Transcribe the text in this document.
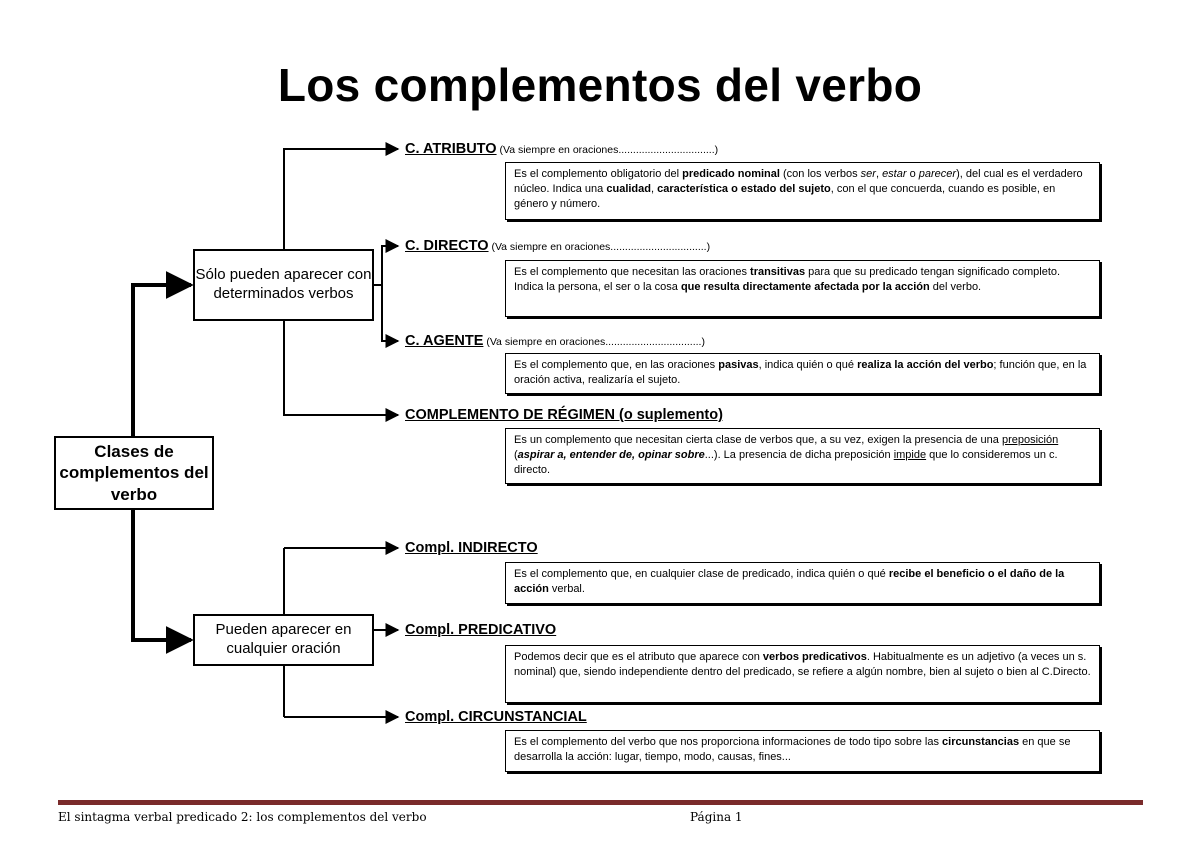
Los complementos del verbo
Clases de complementos del verbo
Sólo pueden aparecer con determinados verbos
Pueden aparecer en cualquier oración
C. ATRIBUTO (Va siempre en oraciones.................................)
C. DIRECTO (Va siempre en oraciones.................................)
C. AGENTE (Va siempre en oraciones.................................)
COMPLEMENTO DE RÉGIMEN (o suplemento)
Compl. INDIRECTO
Compl. PREDICATIVO
Compl. CIRCUNSTANCIAL
Es el complemento obligatorio del predicado nominal (con los verbos ser, estar o parecer), del cual es el verdadero núcleo. Indica una cualidad, característica o estado del sujeto, con el que concuerda, cuando es posible, en género y número.
Es el complemento que necesitan las oraciones transitivas para que su predicado tengan significado completo. Indica la persona, el ser o la cosa que resulta directamente afectada por la acción del verbo.
Es el complemento que, en las oraciones pasivas, indica quién o qué realiza la acción del verbo; función que, en la oración activa, realizaría el sujeto.
Es un complemento que necesitan cierta clase de verbos que, a su vez, exigen la presencia de una preposición (aspirar a, entender de, opinar sobre...). La presencia de dicha preposición impide que lo consideremos un c. directo.
Es el complemento que, en cualquier clase de predicado, indica quién o qué recibe el beneficio o el daño de la acción verbal.
Podemos decir que es el atributo que aparece con verbos predicativos. Habitualmente es un adjetivo (a veces un s. nominal) que, siendo independiente dentro del predicado, se refiere a algún nombre, bien al sujeto o bien al C.Directo.
Es el complemento del verbo que nos proporciona informaciones de todo tipo sobre las circunstancias en que se desarrolla la acción: lugar, tiempo, modo, causas, fines...
El sintagma verbal predicado 2: los complementos del verbo	Página 1
